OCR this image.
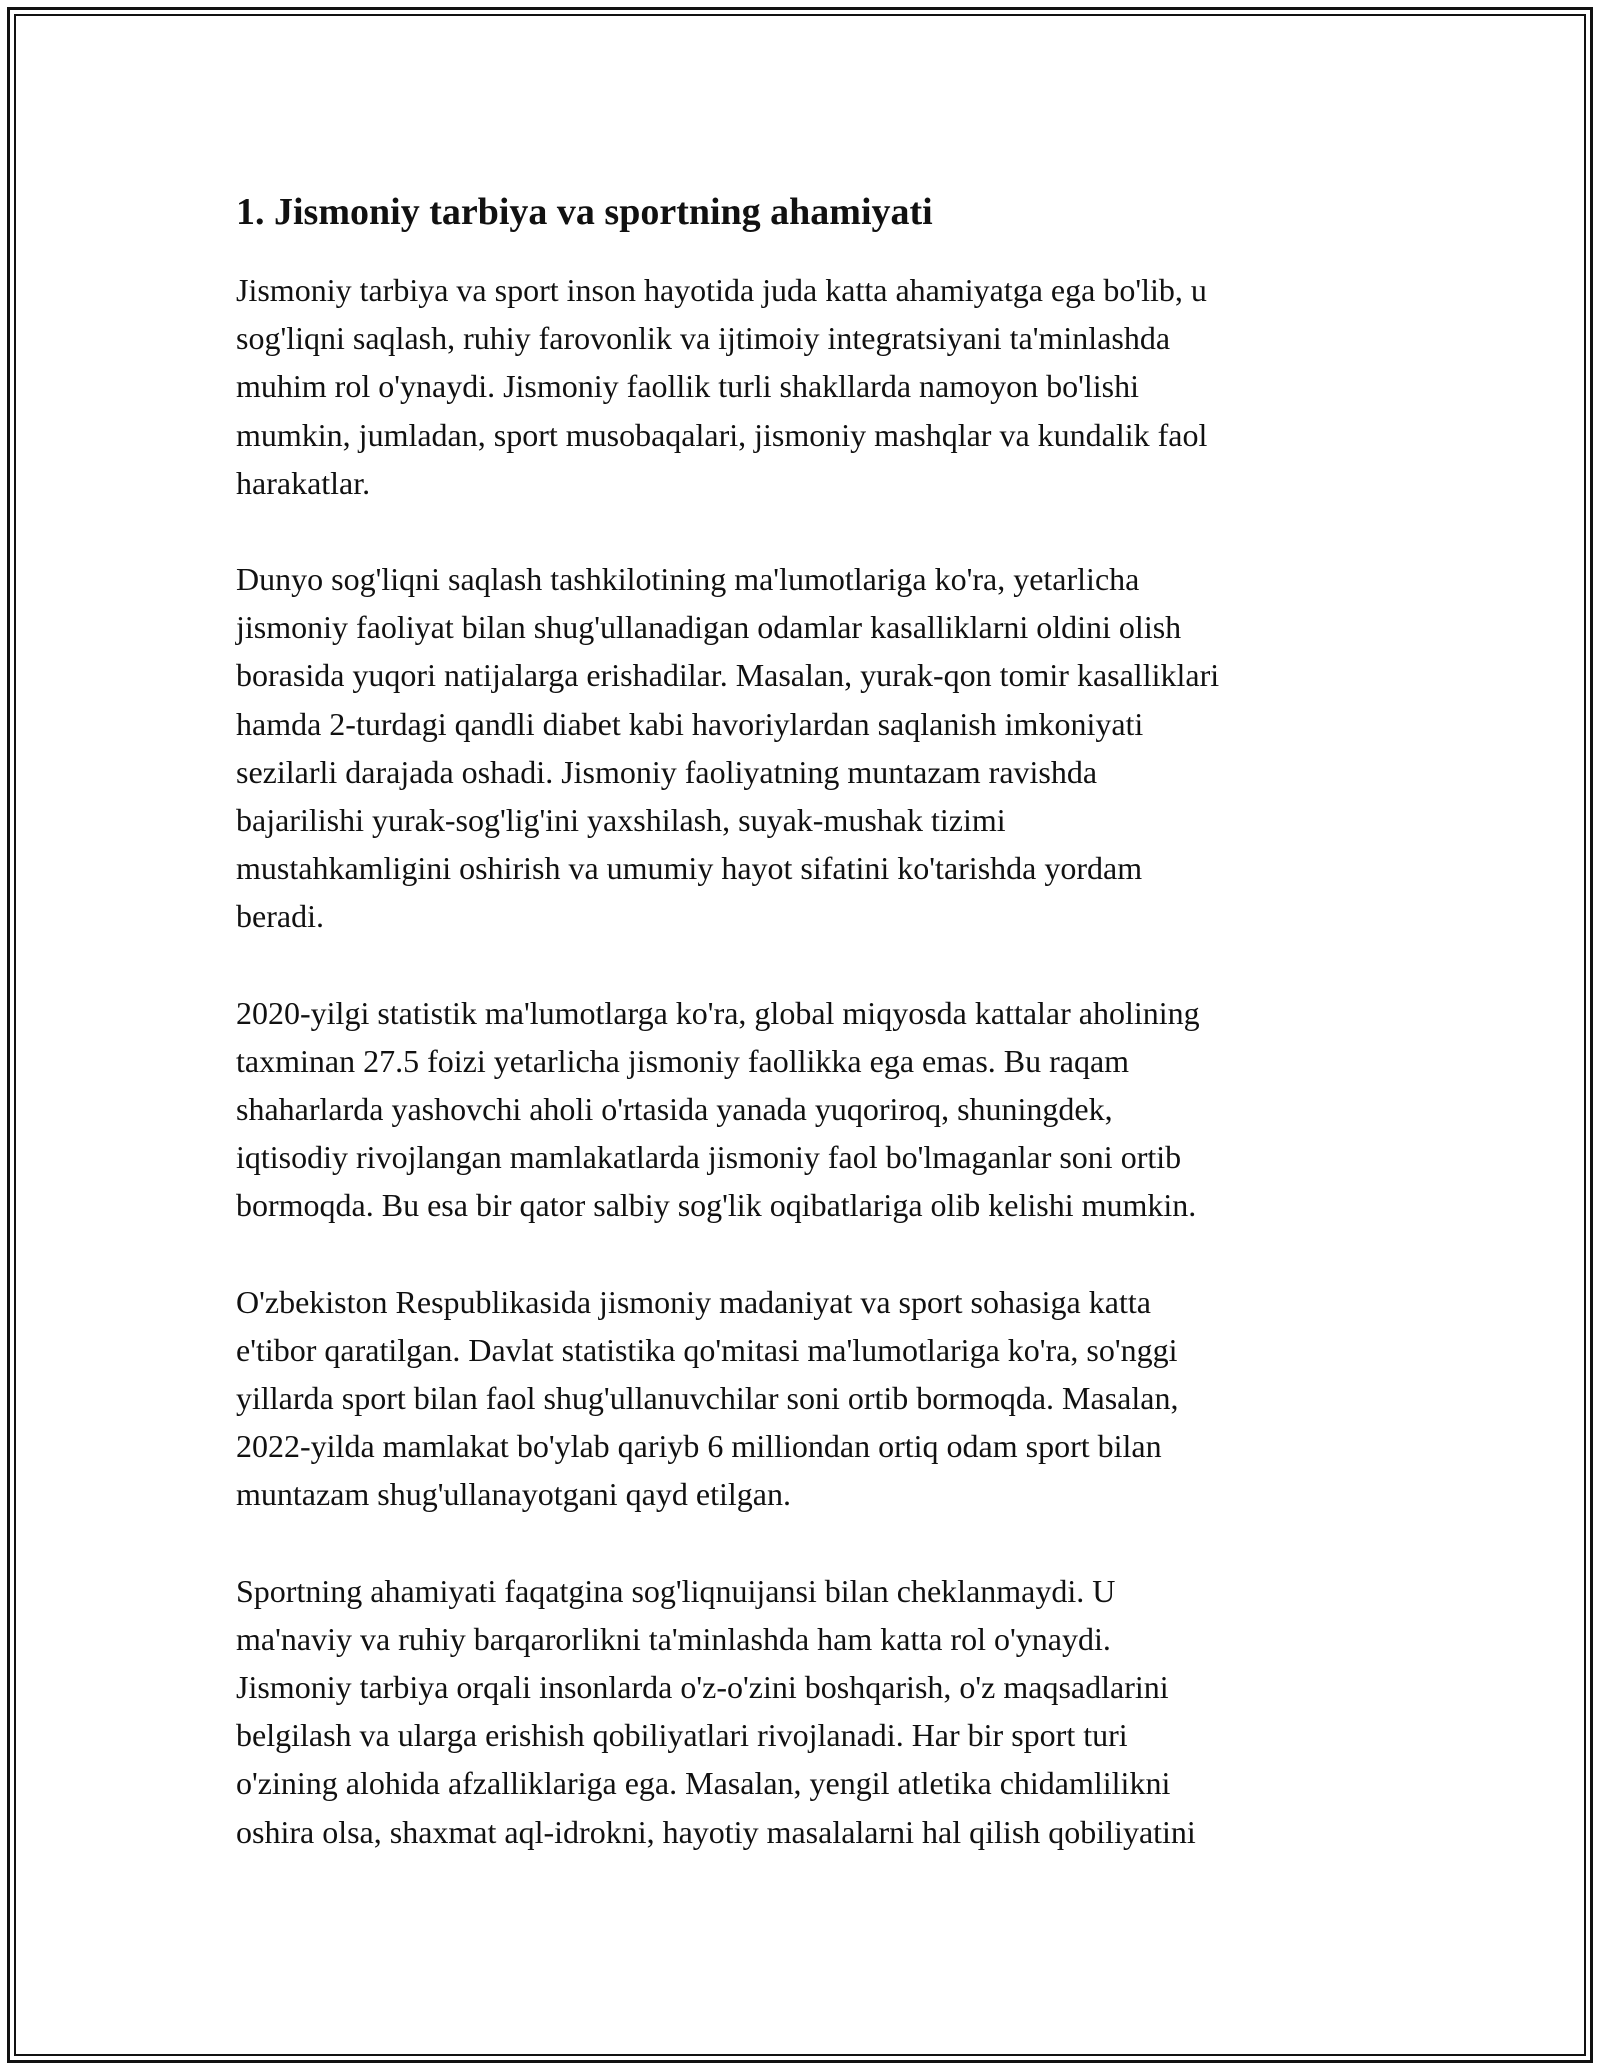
1. Jismoniy tarbiya va sportning ahamiyati
Jismoniy tarbiya va sport inson hayotida juda katta ahamiyatga ega bo'lib, u
sog'liqni saqlash, ruhiy farovonlik va ijtimoiy integratsiyani ta'minlashda
muhim rol o'ynaydi. Jismoniy faollik turli shakllarda namoyon bo'lishi
mumkin, jumladan, sport musobaqalari, jismoniy mashqlar va kundalik faol
harakatlar.
Dunyo sog'liqni saqlash tashkilotining ma'lumotlariga ko'ra, yetarlicha
jismoniy faoliyat bilan shug'ullanadigan odamlar kasalliklarni oldini olish
borasida yuqori natijalarga erishadilar. Masalan, yurak-qon tomir kasalliklari
hamda 2-turdagi qandli diabet kabi havoriylardan saqlanish imkoniyati
sezilarli darajada oshadi. Jismoniy faoliyatning muntazam ravishda
bajarilishi yurak-sog'lig'ini yaxshilash, suyak-mushak tizimi
mustahkamligini oshirish va umumiy hayot sifatini ko'tarishda yordam
beradi.
2020-yilgi statistik ma'lumotlarga ko'ra, global miqyosda kattalar aholining
taxminan 27.5 foizi yetarlicha jismoniy faollikka ega emas. Bu raqam
shaharlarda yashovchi aholi o'rtasida yanada yuqoriroq, shuningdek,
iqtisodiy rivojlangan mamlakatlarda jismoniy faol bo'lmaganlar soni ortib
bormoqda. Bu esa bir qator salbiy sog'lik oqibatlariga olib kelishi mumkin.
O'zbekiston Respublikasida jismoniy madaniyat va sport sohasiga katta
e'tibor qaratilgan. Davlat statistika qo'mitasi ma'lumotlariga ko'ra, so'nggi
yillarda sport bilan faol shug'ullanuvchilar soni ortib bormoqda. Masalan,
2022-yilda mamlakat bo'ylab qariyb 6 milliondan ortiq odam sport bilan
muntazam shug'ullanayotgani qayd etilgan.
Sportning ahamiyati faqatgina sog'liqnuijansi bilan cheklanmaydi. U
ma'naviy va ruhiy barqarorlikni ta'minlashda ham katta rol o'ynaydi.
Jismoniy tarbiya orqali insonlarda o'z-o'zini boshqarish, o'z maqsadlarini
belgilash va ularga erishish qobiliyatlari rivojlanadi. Har bir sport turi
o'zining alohida afzalliklariga ega. Masalan, yengil atletika chidamlilikni
oshira olsa, shaxmat aql-idrokni, hayotiy masalalarni hal qilish qobiliyatini
